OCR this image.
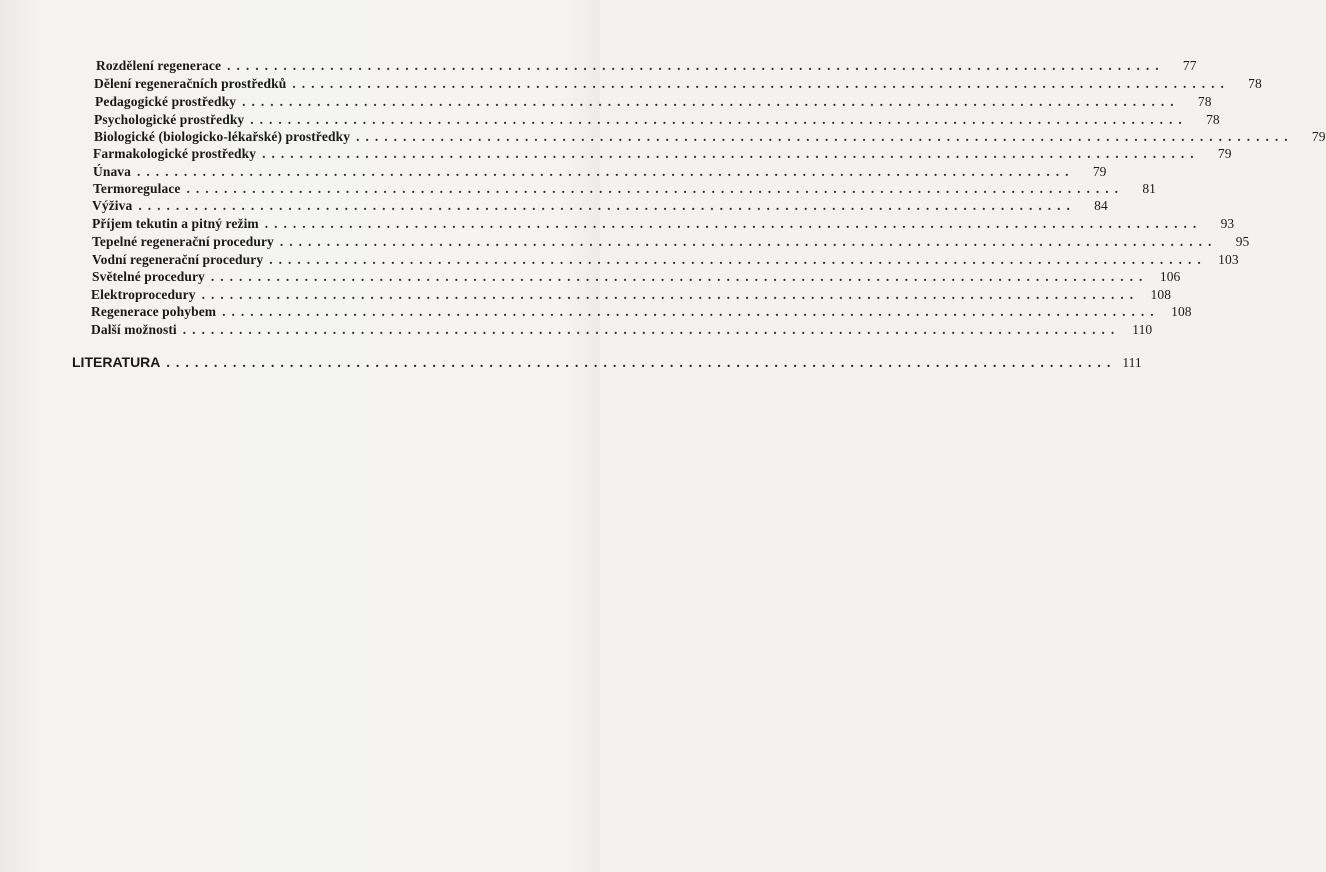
Rozdělení regenerace ....................................................................................................	77
Dělení regeneračních prostředků ....................................................................................................	78
Pedagogické prostředky ....................................................................................................	78
Psychologické prostředky ....................................................................................................	78
Biologické (biologicko-lékařské) prostředky ....................................................................................................	79
Farmakologické prostředky ....................................................................................................	79
Únava ....................................................................................................	79
Termoregulace ....................................................................................................	81
Výživa ....................................................................................................	84
Příjem tekutin a pitný režim ....................................................................................................	93
Tepelné regenerační procedury ....................................................................................................	95
Vodní regenerační procedury .................................................................................................... 103
Světelné procedury .................................................................................................... 106
Elektroprocedury .................................................................................................... 108
Regenerace pohybem .................................................................................................... 108
Další možnosti .................................................................................................... 110
LITERATURA .................................................................................................... 111
